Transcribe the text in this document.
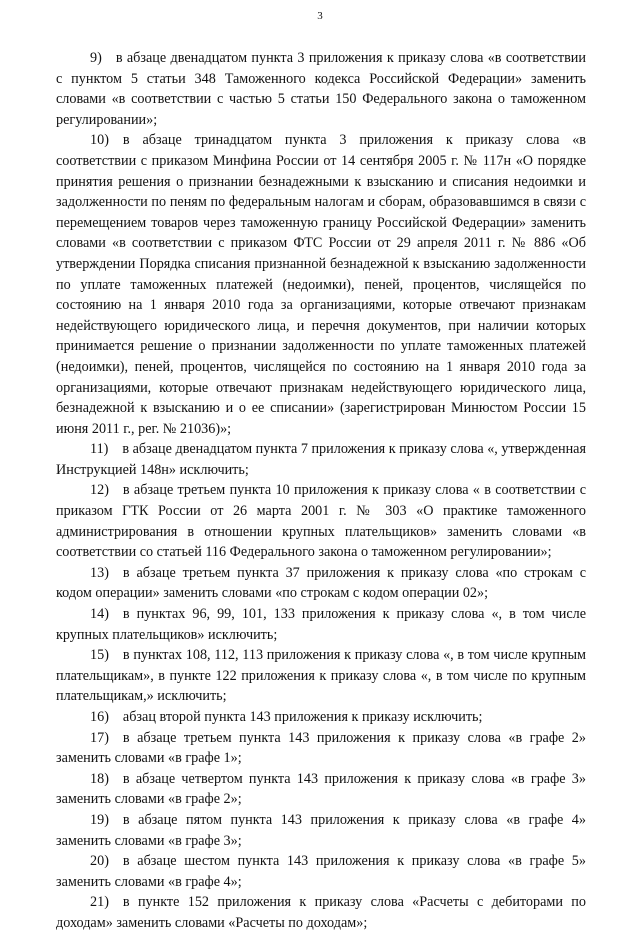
3

9) в абзаце двенадцатом пункта 3 приложения к приказу слова «в соответствии с пунктом 5 статьи 348 Таможенного кодекса Российской Федерации» заменить словами «в соответствии с частью 5 статьи 150 Федерального закона о таможенном регулировании»;

10) в абзаце тринадцатом пункта 3 приложения к приказу слова «в соответствии с приказом Минфина России от 14 сентября 2005 г. № 117н «О порядке принятия решения о признании безнадежными к взысканию и списания недоимки и задолженности по пеням по федеральным налогам и сборам, образовавшимся в связи с перемещением товаров через таможенную границу Российской Федерации» заменить словами «в соответствии с приказом ФТС России от 29 апреля 2011 г. № 886 «Об утверждении Порядка списания признанной безнадежной к взысканию задолженности по уплате таможенных платежей (недоимки), пеней, процентов, числящейся по состоянию на 1 января 2010 года за организациями, которые отвечают признакам недействующего юридического лица, и перечня документов, при наличии которых принимается решение о признании задолженности по уплате таможенных платежей (недоимки), пеней, процентов, числящейся по состоянию на 1 января 2010 года за организациями, которые отвечают признакам недействующего юридического лица, безнадежной к взысканию и о ее списании» (зарегистрирован Минюстом России 15 июня 2011 г., рег. № 21036)»;

11) в абзаце двенадцатом пункта 7 приложения к приказу слова «, утвержденная Инструкцией 148н» исключить;

12) в абзаце третьем пункта 10 приложения к приказу слова « в соответствии с приказом ГТК России от 26 марта 2001 г. № 303 «О практике таможенного администрирования в отношении крупных плательщиков» заменить словами «в соответствии со статьей 116 Федерального закона о таможенном регулировании»;

13) в абзаце третьем пункта 37 приложения к приказу слова «по строкам с кодом операции» заменить словами «по строкам с кодом операции 02»;

14) в пунктах 96, 99, 101, 133 приложения к приказу слова «, в том числе крупных плательщиков» исключить;

15) в пунктах 108, 112, 113 приложения к приказу слова «, в том числе крупным плательщикам», в пункте 122 приложения к приказу слова «, в том числе по крупным плательщикам,» исключить;

16) абзац второй пункта 143 приложения к приказу исключить;

17) в абзаце третьем пункта 143 приложения к приказу слова «в графе 2» заменить словами «в графе 1»;

18) в абзаце четвертом пункта 143 приложения к приказу слова «в графе 3» заменить словами «в графе 2»;

19) в абзаце пятом пункта 143 приложения к приказу слова «в графе 4» заменить словами «в графе 3»;

20) в абзаце шестом пункта 143 приложения к приказу слова «в графе 5» заменить словами «в графе 4»;

21) в пункте 152 приложения к приказу слова «Расчеты с дебиторами по доходам» заменить словами «Расчеты по доходам»;
